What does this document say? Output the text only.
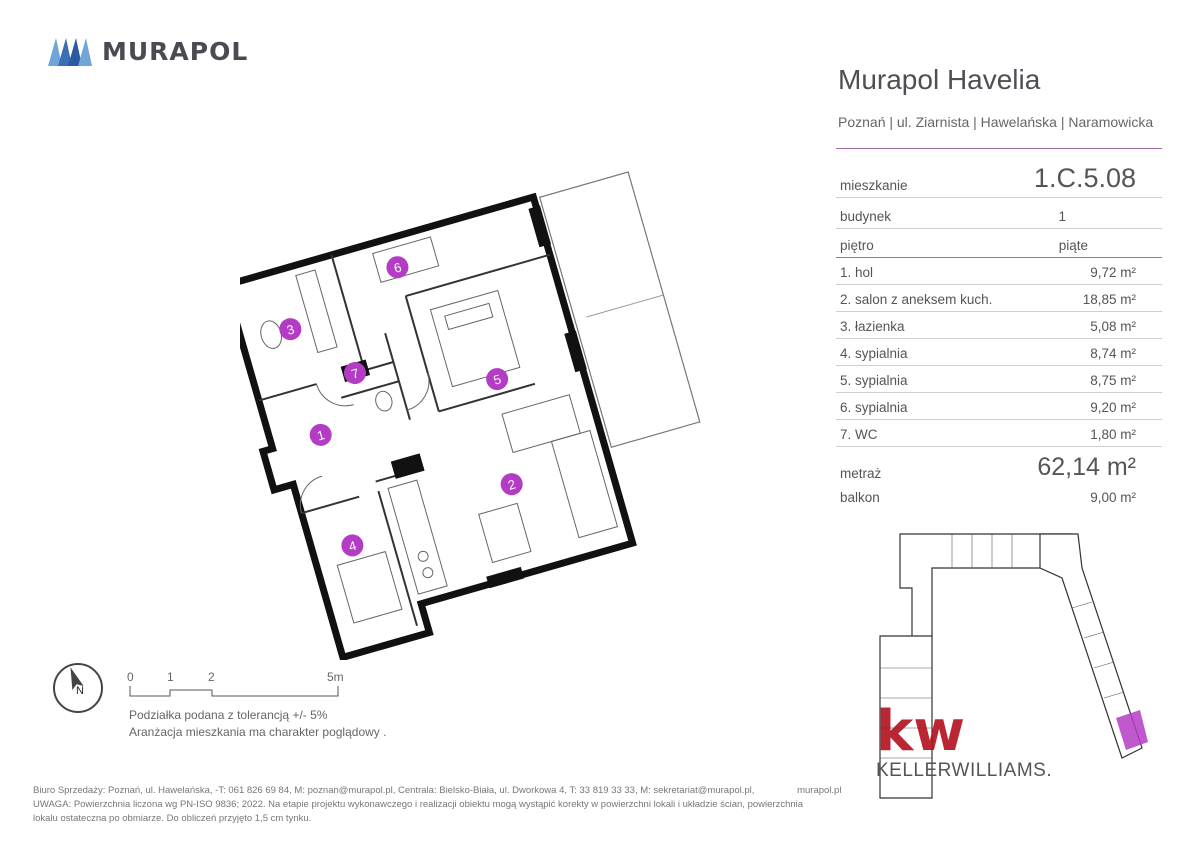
MURAPOL
Murapol Havelia
Poznań | ul. Ziarnista | Hawelańska | Naramowicka
mieszkanie	1.C.5.08
budynek	1
piętro	piąte
1. hol	9,72 m²
2. salon z aneksem kuch.	18,85 m²
3. łazienka	5,08 m²
4. sypialnia	8,74 m²
5. sypialnia	8,75 m²
6. sypialnia	9,20 m²
7. WC	1,80 m²
metraż	62,14 m²
balkon	9,00 m²
1
2
3
4
5
6
7
N
0	1	2	5m
Podziałka podana z tolerancją +/- 5%
Aranżacja mieszkania ma charakter poglądowy .	kw
KELLERWILLIAMS.
Biuro Sprzedaży: Poznań, ul. Hawelańska, -T: 061 826 69 84, M: poznan@murapol.pl, Centrala: Bielsko-Biała, ul. Dworkowa 4, T: 33 819 33 33, M: sekretariat@murapol.pl,	murapol.pl
UWAGA: Powierzchnia liczona wg PN-ISO 9836; 2022. Na etapie projektu wykonawczego i realizacji obiektu mogą wystąpić korekty w powierzchni lokali i układzie ścian, powierzchnia
lokalu ostateczna po obmiarze. Do obliczeń przyjęto 1,5 cm tynku.
